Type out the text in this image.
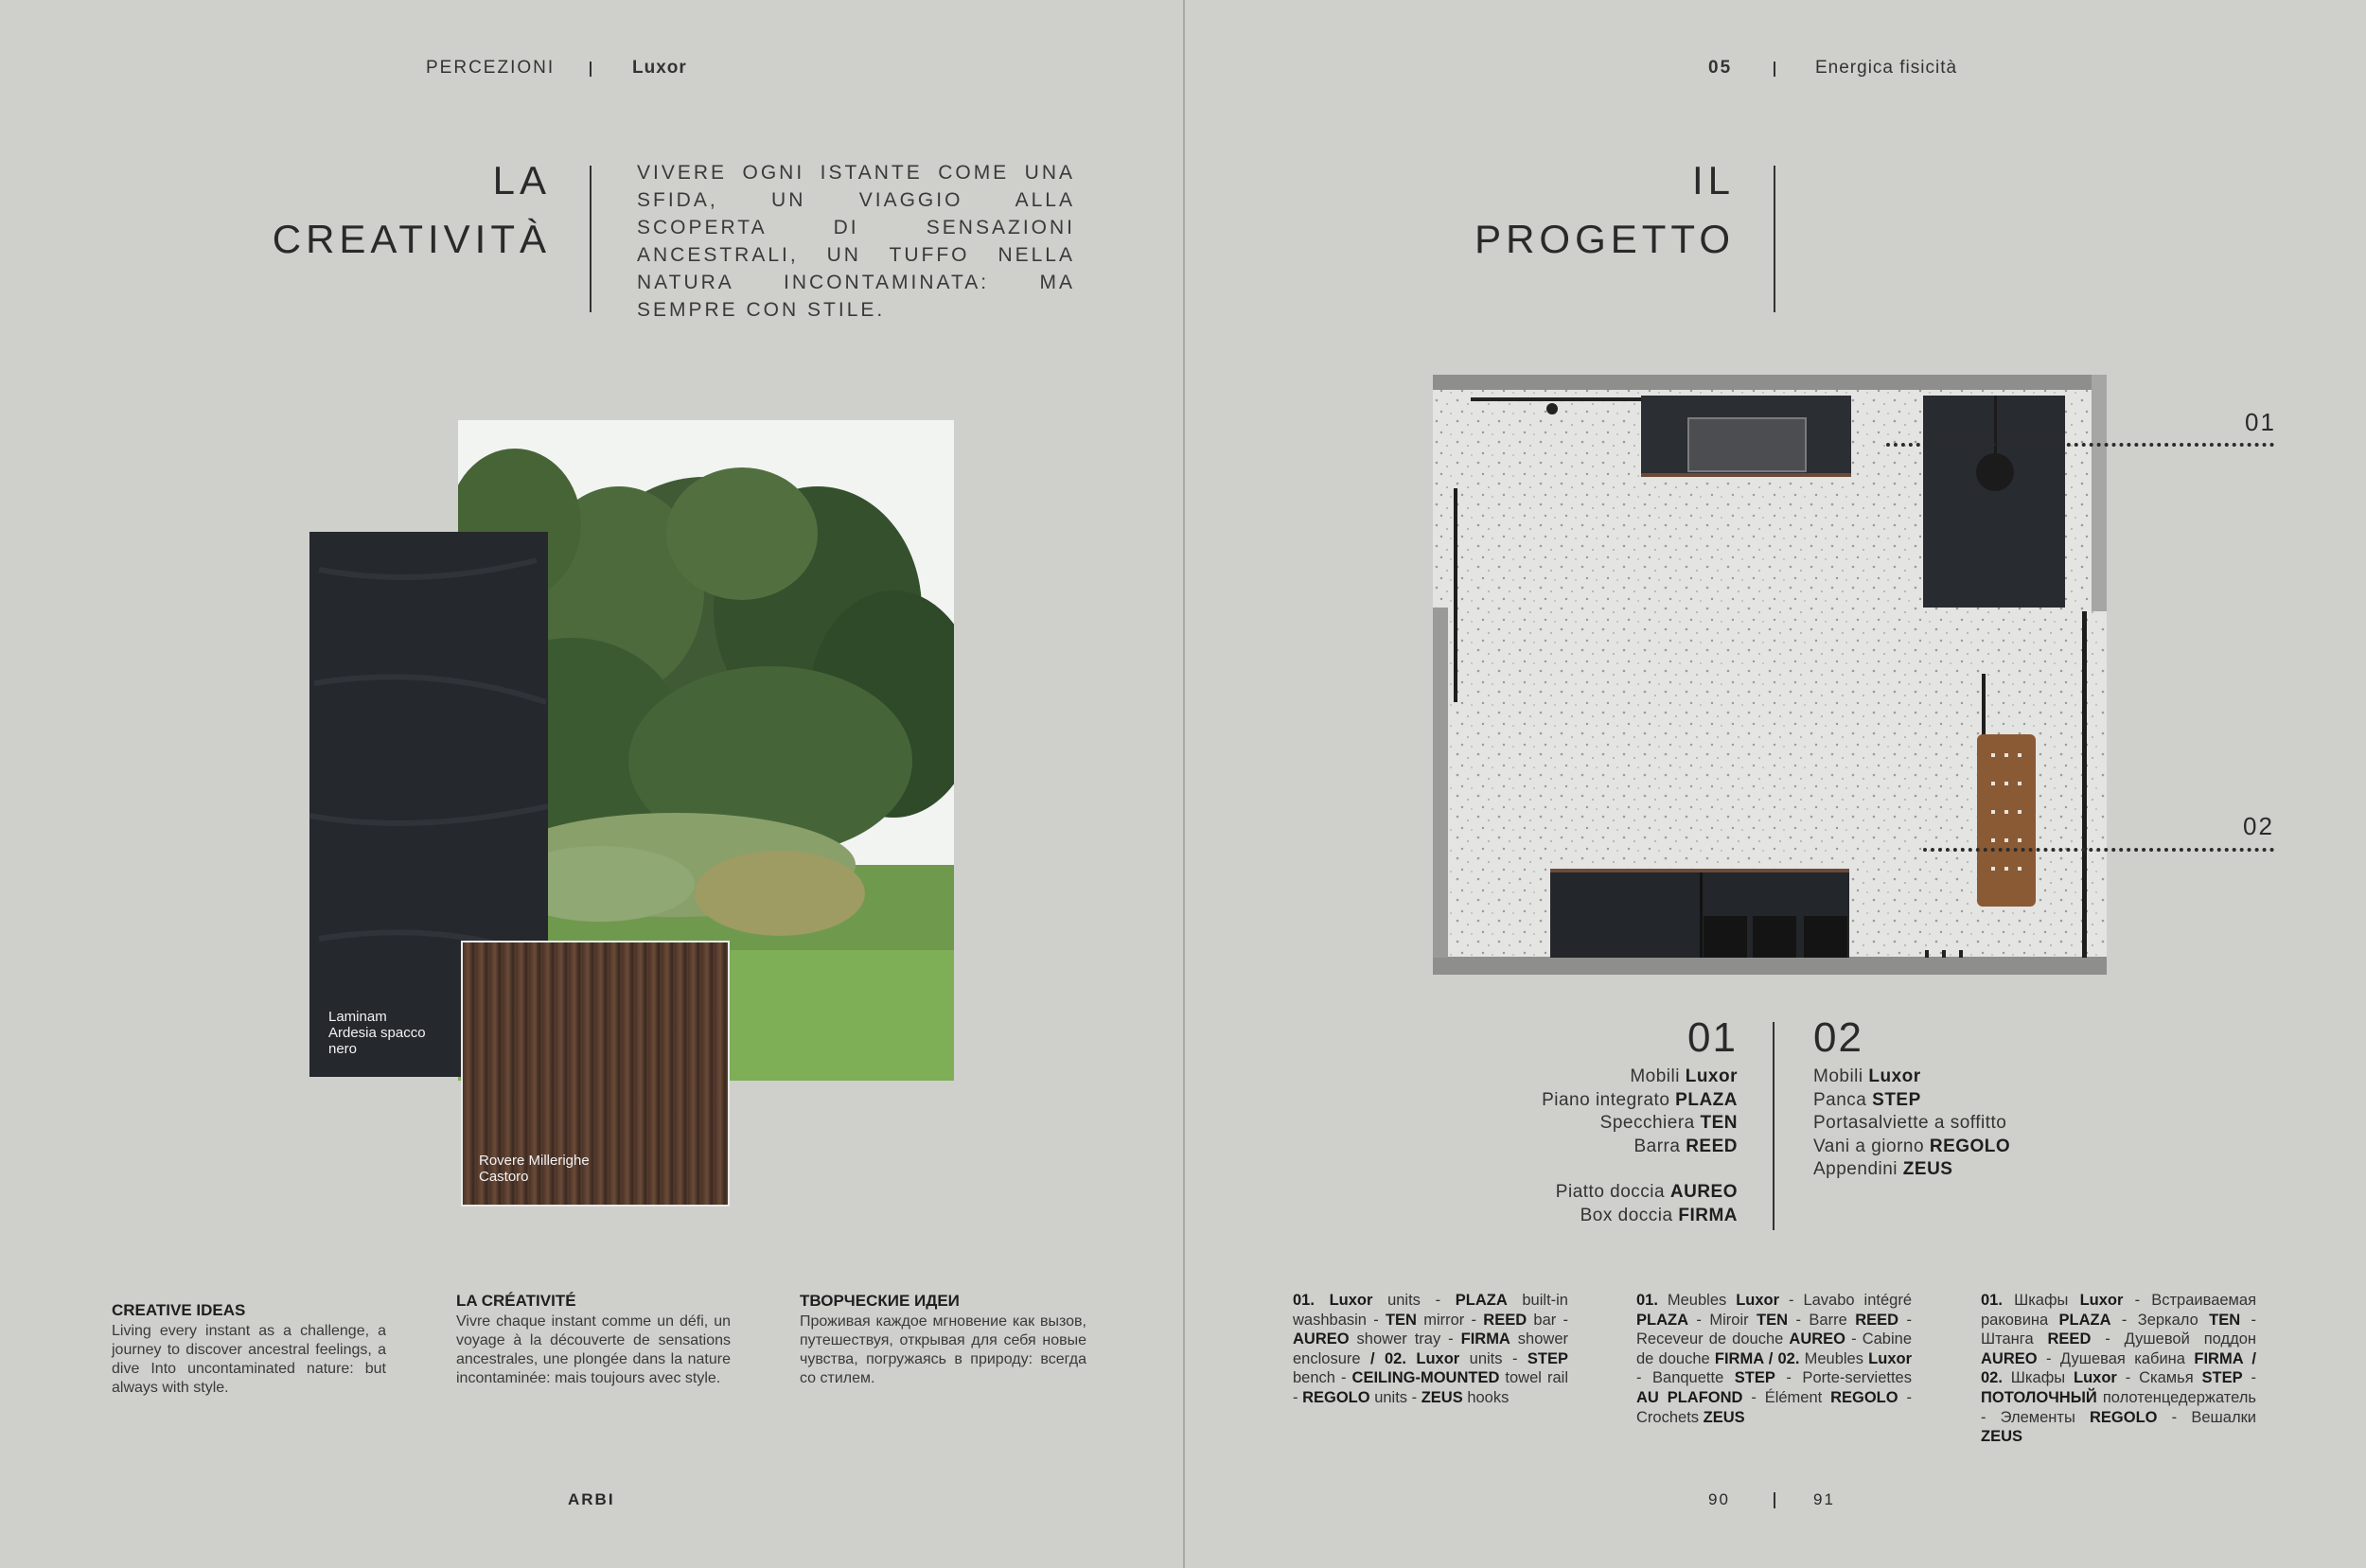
PERCEZIONI	Luxor
LA
CREATIVITÀ
VIVERE OGNI ISTANTE COME UNA SFIDA, UN VIAGGIO ALLA SCOPERTA DI SENSAZIONI ANCESTRALI, UN TUFFO NELLA NATURA INCONTAMINATA: MA SEMPRE CON STILE.
Laminam
Ardesia spacco
nero
Rovere Millerighe
Castoro
CREATIVE IDEAS
Living every instant as a challenge, a journey to discover ancestral feelings, a dive Into uncontaminated nature: but always with style.
LA CRÉATIVITÉ
Vivre chaque instant comme un défi, un voyage à la découverte de sensations ancestrales, une plongée dans la nature incontaminée: mais toujours avec style.
ТВОРЧЕСКИЕ ИДЕИ
Проживая каждое мгновение как вызов, путешествуя, открывая для себя новые чувства, погружаясь в природу: всегда со стилем.
ARBI
05	Energica fisicità
IL
PROGETTO
01
02
01
Mobili Luxor
Piano integrato PLAZA
Specchiera TEN
Barra REED
Piatto doccia AUREO
Box doccia FIRMA
02
Mobili Luxor
Panca STEP
Portasalviette a soffitto
Vani a giorno REGOLO
Appendini ZEUS
01. Luxor units - PLAZA built-in washbasin - TEN mirror - REED bar - AUREO shower tray - FIRMA shower enclosure / 02. Luxor units - STEP bench - CEILING-MOUNTED towel rail - REGOLO units - ZEUS hooks
01. Meubles Luxor - Lavabo intégré PLAZA - Miroir TEN - Barre REED - Receveur de douche AUREO - Cabine de douche FIRMA / 02. Meubles Luxor - Banquette STEP - Porte-serviettes AU PLAFOND - Élément REGOLO - Crochets ZEUS
01. Шкафы Luxor - Встраиваемая раковина PLAZA - Зеркало TEN - Штанга REED - Душевой поддон AUREO - Душевая кабина FIRMA / 02. Шкафы Luxor - Скамья STEP - ПОТОЛОЧНЫЙ полотенцедержатель - Элементы REGOLO - Вешалки ZEUS
90	91
